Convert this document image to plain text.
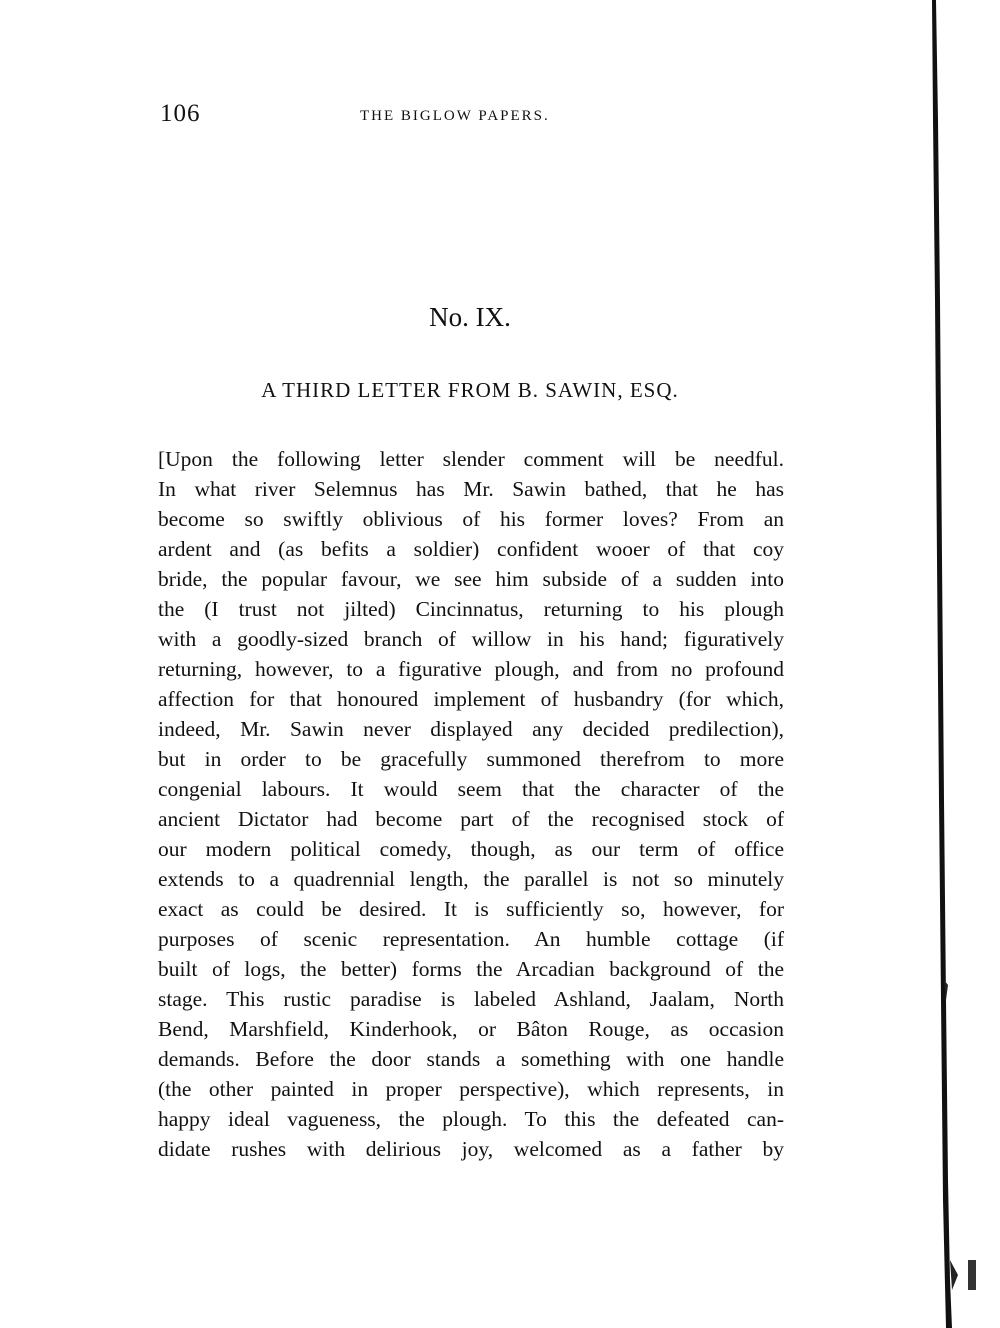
106	THE BIGLOW PAPERS.
No. IX.
A THIRD LETTER FROM B. SAWIN, ESQ.
[Upon the following letter slender comment will be needful.
In what river Selemnus has Mr. Sawin bathed, that he has
become so swiftly oblivious of his former loves? From an
ardent and (as befits a soldier) confident wooer of that coy
bride, the popular favour, we see him subside of a sudden into
the (I trust not jilted) Cincinnatus, returning to his plough
with a goodly-sized branch of willow in his hand; figuratively
returning, however, to a figurative plough, and from no profound
affection for that honoured implement of husbandry (for which,
indeed, Mr. Sawin never displayed any decided predilection),
but in order to be gracefully summoned therefrom to more
congenial labours. It would seem that the character of the
ancient Dictator had become part of the recognised stock of
our modern political comedy, though, as our term of office
extends to a quadrennial length, the parallel is not so minutely
exact as could be desired. It is sufficiently so, however, for
purposes of scenic representation. An humble cottage (if
built of logs, the better) forms the Arcadian background of the
stage. This rustic paradise is labeled Ashland, Jaalam, North
Bend, Marshfield, Kinderhook, or Bâton Rouge, as occasion
demands. Before the door stands a something with one handle
(the other painted in proper perspective), which represents, in
happy ideal vagueness, the plough. To this the defeated can-
didate rushes with delirious joy, welcomed as a father by
